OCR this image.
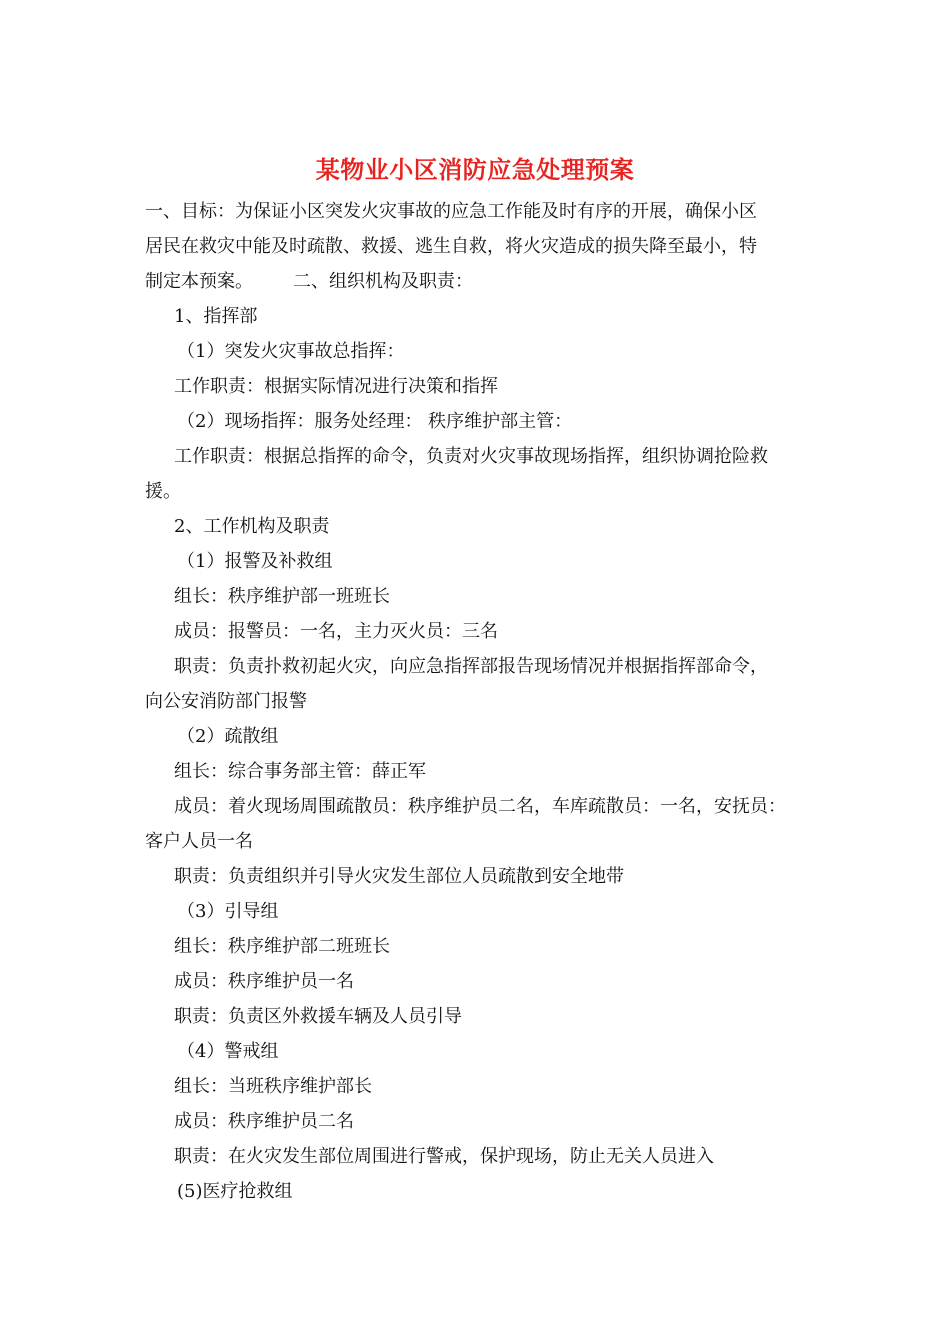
某物业小区消防应急处理预案

一、目标：为保证小区突发火灾事故的应急工作能及时有序的开展，确保小区

居民在救灾中能及时疏散、救援、逃生自救，将火灾造成的损失降至最小，特

制定本预案。 二、组织机构及职责：

1、指挥部

（1）突发火灾事故总指挥：

工作职责：根据实际情况进行决策和指挥

（2）现场指挥：服务处经理： 秩序维护部主管：

工作职责：根据总指挥的命令，负责对火灾事故现场指挥，组织协调抢险救

援。

2、工作机构及职责

（1）报警及补救组

组长：秩序维护部一班班长

成员：报警员：一名，主力灭火员：三名

职责：负责扑救初起火灾，向应急指挥部报告现场情况并根据指挥部命令，

向公安消防部门报警

（2）疏散组

组长：综合事务部主管：薛正军

成员：着火现场周围疏散员：秩序维护员二名，车库疏散员：一名，安抚员：

客户人员一名

职责：负责组织并引导火灾发生部位人员疏散到安全地带

（3）引导组

组长：秩序维护部二班班长

成员：秩序维护员一名

职责：负责区外救援车辆及人员引导

（4）警戒组

组长：当班秩序维护部长

成员：秩序维护员二名

职责：在火灾发生部位周围进行警戒，保护现场，防止无关人员进入

(5)医疗抢救组
